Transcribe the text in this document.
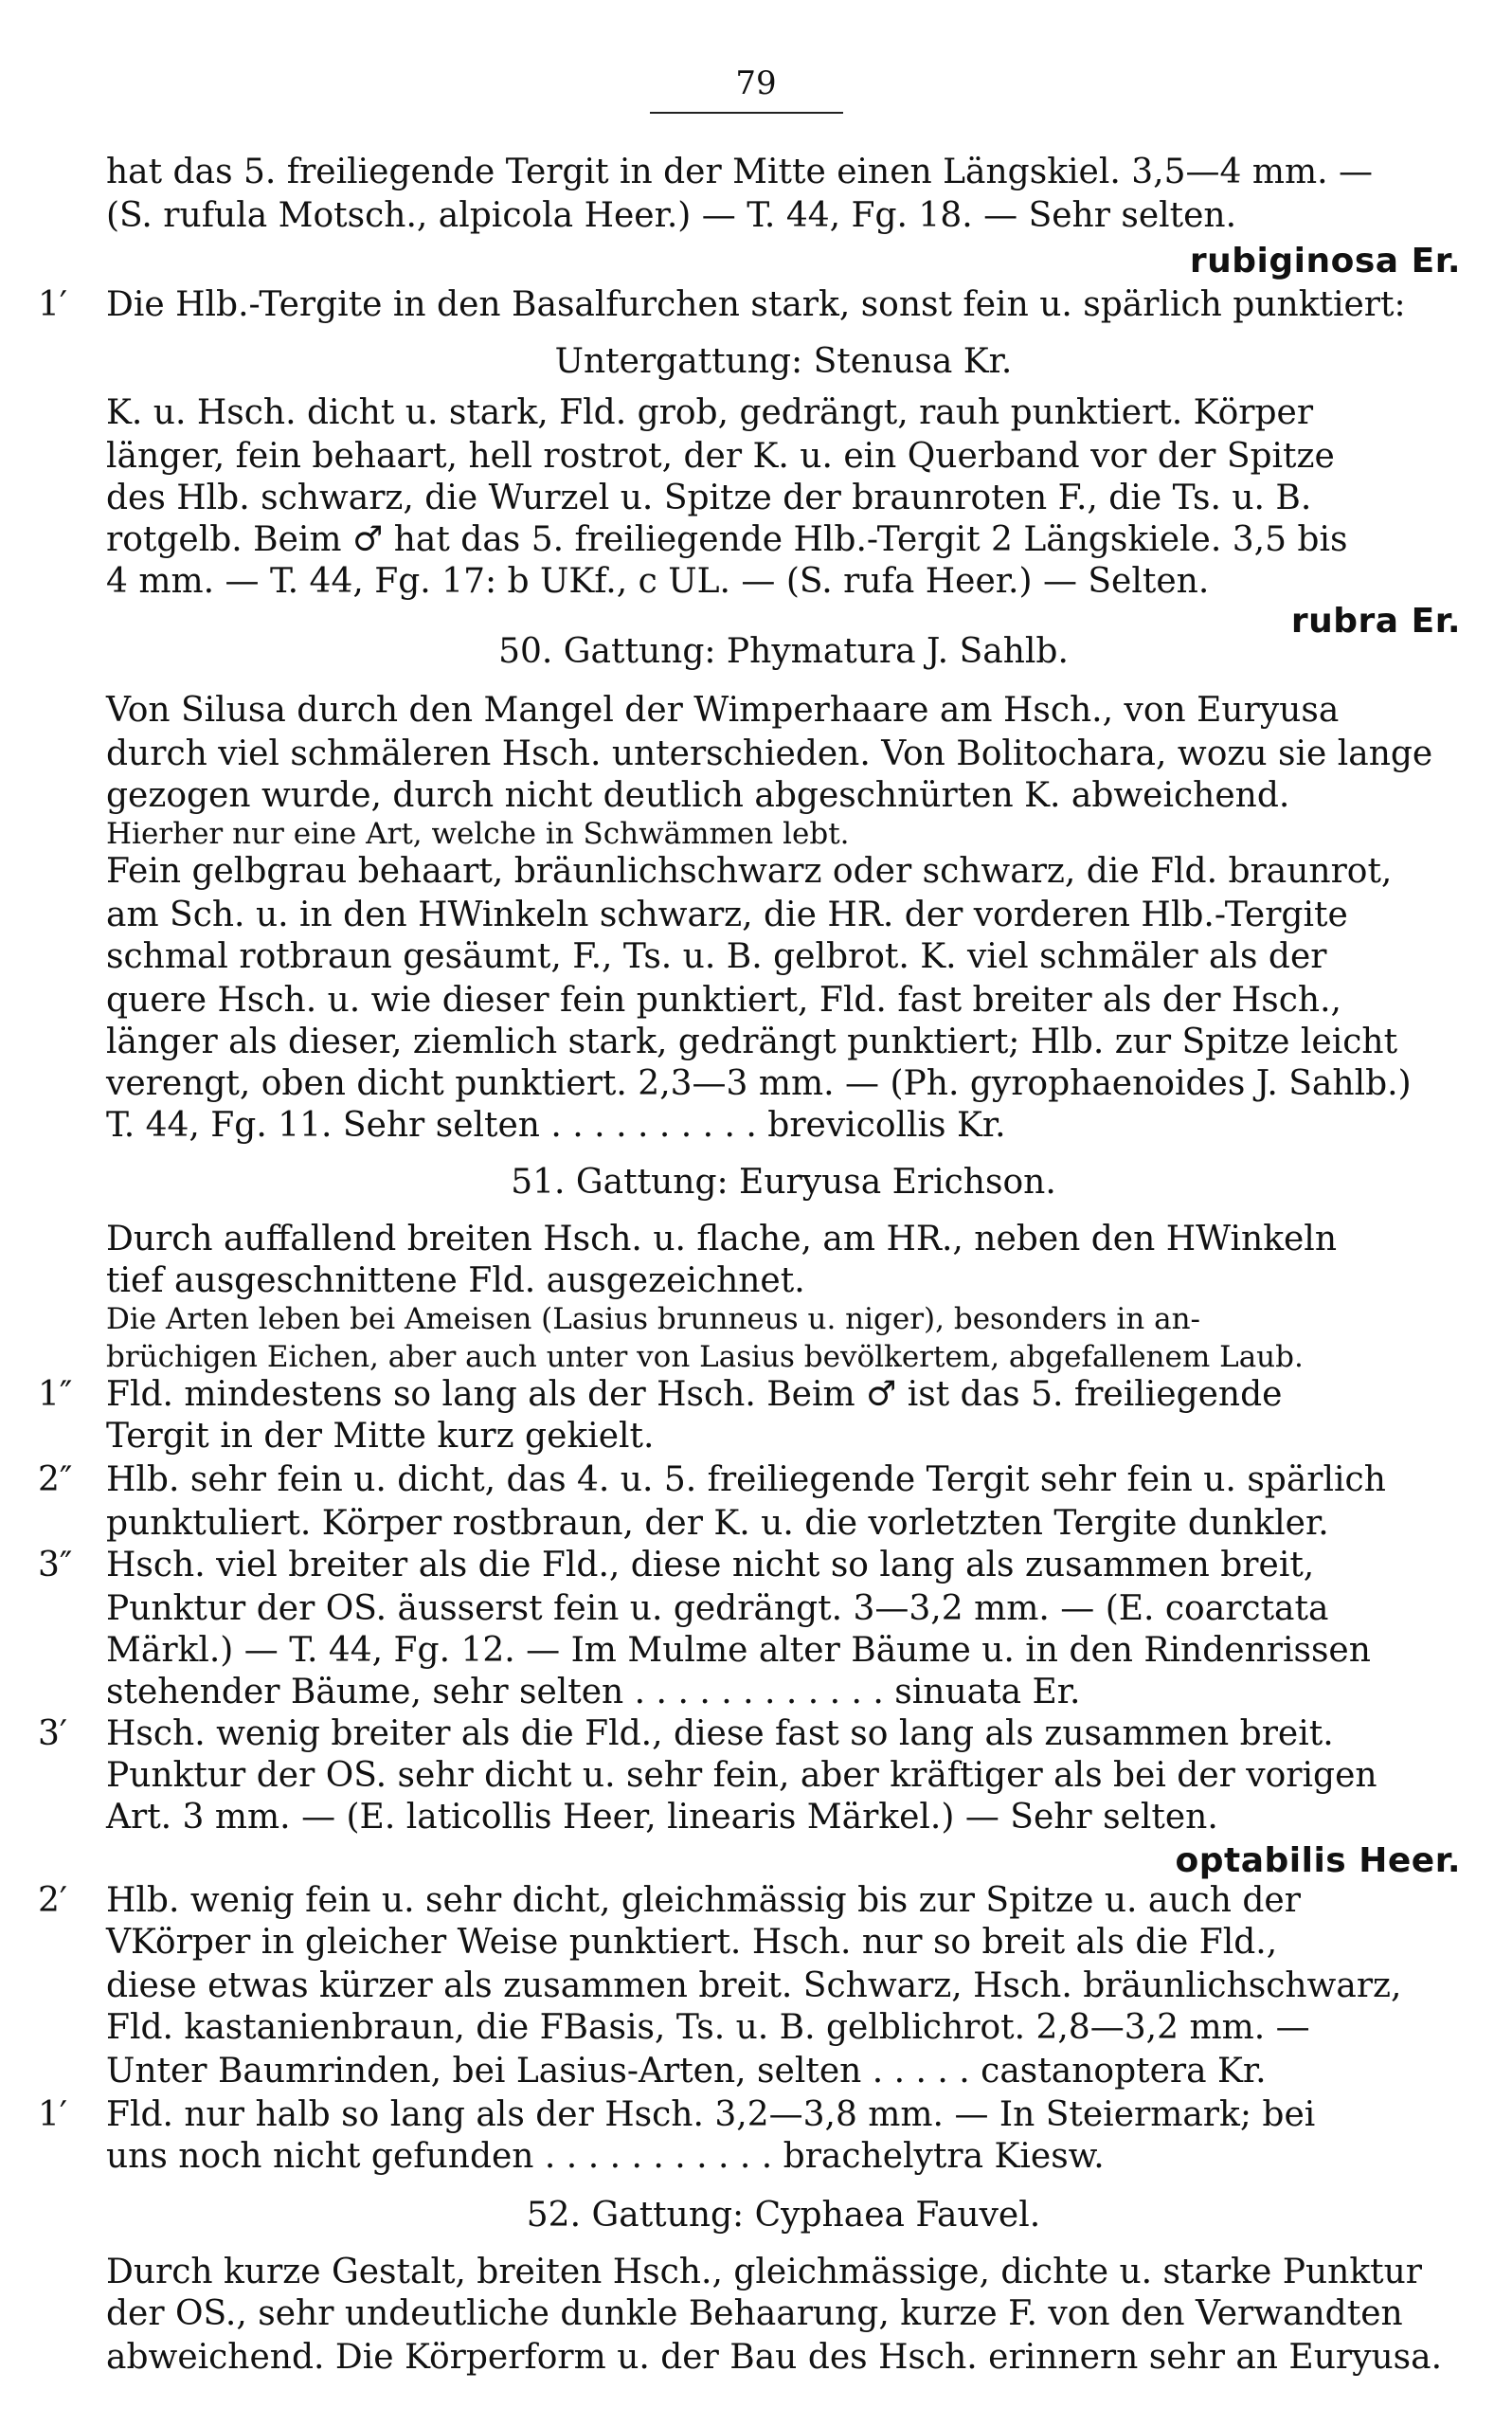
79
hat das 5. freiliegende Tergit in der Mitte einen Längskiel. 3,5—4 mm. —
(S. rufula Motsch., alpicola Heer.) — T. 44, Fg. 18. — Sehr selten.
rubiginosa Er.
1′ Die Hlb.-Tergite in den Basalfurchen stark, sonst fein u. spärlich punktiert:
Untergattung: Stenusa Kr.
K. u. Hsch. dicht u. stark, Fld. grob, gedrängt, rauh punktiert. Körper
länger, fein behaart, hell rostrot, der K. u. ein Querband vor der Spitze
des Hlb. schwarz, die Wurzel u. Spitze der braunroten F., die Ts. u. B.
rotgelb. Beim ♂ hat das 5. freiliegende Hlb.-Tergit 2 Längskiele. 3,5 bis
4 mm. — T. 44, Fg. 17: b UKf., c UL. — (S. rufa Heer.) — Selten.
rubra Er.
50. Gattung: Phymatura J. Sahlb.
Von Silusa durch den Mangel der Wimperhaare am Hsch., von Euryusa
durch viel schmäleren Hsch. unterschieden. Von Bolitochara, wozu sie lange
gezogen wurde, durch nicht deutlich abgeschnürten K. abweichend.
Hierher nur eine Art, welche in Schwämmen lebt.
Fein gelbgrau behaart, bräunlichschwarz oder schwarz, die Fld. braunrot,
am Sch. u. in den HWinkeln schwarz, die HR. der vorderen Hlb.-Tergite
schmal rotbraun gesäumt, F., Ts. u. B. gelbrot. K. viel schmäler als der
quere Hsch. u. wie dieser fein punktiert, Fld. fast breiter als der Hsch.,
länger als dieser, ziemlich stark, gedrängt punktiert; Hlb. zur Spitze leicht
verengt, oben dicht punktiert. 2,3—3 mm. — (Ph. gyrophaenoides J. Sahlb.)
T. 44, Fg. 11. Sehr selten . . . . . . . . . . brevicollis Kr.
51. Gattung: Euryusa Erichson.
Durch auffallend breiten Hsch. u. flache, am HR., neben den HWinkeln
tief ausgeschnittene Fld. ausgezeichnet.
Die Arten leben bei Ameisen (Lasius brunneus u. niger), besonders in an-
brüchigen Eichen, aber auch unter von Lasius bevölkertem, abgefallenem Laub.
1″ Fld. mindestens so lang als der Hsch. Beim ♂ ist das 5. freiliegende
Tergit in der Mitte kurz gekielt.
2″ Hlb. sehr fein u. dicht, das 4. u. 5. freiliegende Tergit sehr fein u. spärlich
punktuliert. Körper rostbraun, der K. u. die vorletzten Tergite dunkler.
3″ Hsch. viel breiter als die Fld., diese nicht so lang als zusammen breit,
Punktur der OS. äusserst fein u. gedrängt. 3—3,2 mm. — (E. coarctata
Märkl.) — T. 44, Fg. 12. — Im Mulme alter Bäume u. in den Rindenrissen
stehender Bäume, sehr selten . . . . . . . . . . . . sinuata Er.
3′ Hsch. wenig breiter als die Fld., diese fast so lang als zusammen breit.
Punktur der OS. sehr dicht u. sehr fein, aber kräftiger als bei der vorigen
Art. 3 mm. — (E. laticollis Heer, linearis Märkel.) — Sehr selten.
optabilis Heer.
2′ Hlb. wenig fein u. sehr dicht, gleichmässig bis zur Spitze u. auch der
VKörper in gleicher Weise punktiert. Hsch. nur so breit als die Fld.,
diese etwas kürzer als zusammen breit. Schwarz, Hsch. bräunlichschwarz,
Fld. kastanienbraun, die FBasis, Ts. u. B. gelblichrot. 2,8—3,2 mm. —
Unter Baumrinden, bei Lasius-Arten, selten . . . . . castanoptera Kr.
1′ Fld. nur halb so lang als der Hsch. 3,2—3,8 mm. — In Steiermark; bei
uns noch nicht gefunden . . . . . . . . . . . brachelytra Kiesw.
52. Gattung: Cyphaea Fauvel.
Durch kurze Gestalt, breiten Hsch., gleichmässige, dichte u. starke Punktur
der OS., sehr undeutliche dunkle Behaarung, kurze F. von den Verwandten
abweichend. Die Körperform u. der Bau des Hsch. erinnern sehr an Euryusa.
